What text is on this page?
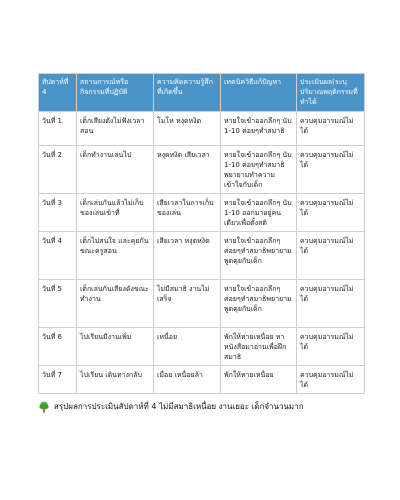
สัปดาห์ที่ 4	สถานการณ์หรือกิจกรรมที่ปฏิบัติ	ความคิดความรู้สึกที่เกิดขึ้น	เทคนิควิธีแก้ปัญหา	ประเมินผล(ระบุปริมาณพฤติกรรมที่ทำได้
วันที่ 1	เด็กเสียงดังไม่ฟังเวลาสอน	โมโห หงุดหงิด	หายใจเข้าออกลึกๆ นับ 1-10 ค่อยๆทำสมาธิ	ควบคุมอารมณ์ไม่ได้
วันที่ 2	เด็กทำงานเล่นไป	หงุดหงิด เสียเวลา	หายใจเข้าออกลึกๆ นับ 1-10 ค่อยๆทำสมาธิพยายามทำความเข้าใจกับเด็ก	ควบคุมอารมณ์ไม่ได้
วันที่ 3	เด็กเล่นกันแล้วไม่เก็บของเล่นเข้าที่	เสียเวลาในการเก็บของเล่น	หายใจเข้าออกลึกๆ นับ 1-10 ออกมาอยู่คนเดียวเพื่อตั้งสติ	ควบคุมอารมณ์ไม่ได้
วันที่ 4	เด็กไม่สนใจ และคุยกันขณะครูสอน	เสียเวลา หงุดหงิด	หายใจเข้าออกลึกๆค่อยๆทำสมาธิพยายามพูดคุยกับเด็ก	ควบคุมอารมณ์ไม่ได้
วันที่ 5	เด็กเล่นกันเสียงดังขณะทำงาน	ไม่มีสมาธิ งานไม่เสร็จ	หายใจเข้าออกลึกๆค่อยๆทำสมาธิพยายามพูดคุยกับเด็ก	ควบคุมอารมณ์ไม่ได้
วันที่ 6	ไปเรียนมีงานเพิ่ม	เหนื่อย	พักให้หายเหนื่อย หาหนังสือมาอ่านเพื่อฝึกสมาธิ	ควบคุมอารมณ์ไม่ได้
วันที่ 7	ไปเรียน เดินทางกลับ	เมื่อย เหนื่อยล้า	พักให้หายเหนื่อย	ควบคุมอารมณ์ไม่ได้
สรุปผลการประเมินสัปดาห์ที่ 4 ไม่มีสมาธิเหนื่อย งานเยอะ เด็กจำนวนมาก
